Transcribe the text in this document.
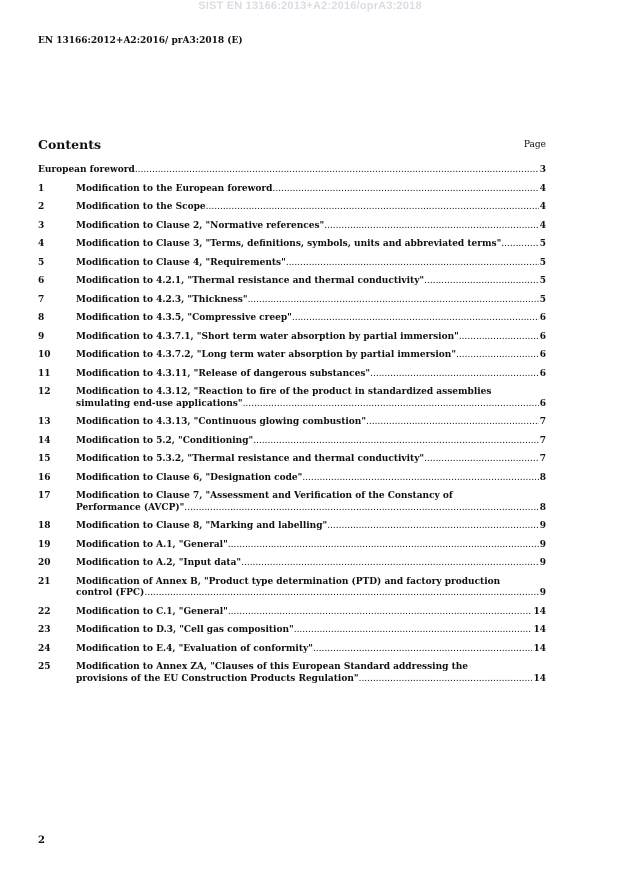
SIST EN 13166:2013+A2:2016/oprA3:2018
EN 13166:2012+A2:2016/ prA3:2018 (E)
Contents	Page
European foreword .....	3
1	Modification to the European foreword .....	4
2	Modification to the Scope .....	4
3	Modification to Clause 2, "Normative references" .....	4
4	Modification to Clause 3, "Terms, definitions, symbols, units and abbreviated terms" .....	5
5	Modification to Clause 4, "Requirements" .....	5
6	Modification to 4.2.1, "Thermal resistance and thermal conductivity" .....	5
7	Modification to 4.2.3, "Thickness" .....	5
8	Modification to 4.3.5, "Compressive creep" .....	6
9	Modification to 4.3.7.1, "Short term water absorption by partial immersion" .....	6
10	Modification to 4.3.7.2, "Long term water absorption by partial immersion" .....	6
11	Modification to 4.3.11, "Release of dangerous substances" .....	6
12	Modification to 4.3.12, "Reaction to fire of the product in standardized assemblies
simulating end-use applications" .....	6
13	Modification to 4.3.13, "Continuous glowing combustion" .....	7
14	Modification to 5.2, "Conditioning" .....	7
15	Modification to 5.3.2, "Thermal resistance and thermal conductivity" .....	7
16	Modification to Clause 6, "Designation code" .....	8
17	Modification to Clause 7, "Assessment and Verification of the Constancy of
Performance (AVCP)" .....	8
18	Modification to Clause 8, "Marking and labelling" .....	9
19	Modification to A.1, "General" .....	9
20	Modification to A.2, "Input data" .....	9
21	Modification of Annex B, "Product type determination (PTD) and factory production
control (FPC) .....	9
22	Modification to C.1, "General" .....	14
23	Modification to D.3, "Cell gas composition" .....	14
24	Modification to E.4, "Evaluation of conformity" .....	14
25	Modification to Annex ZA, "Clauses of this European Standard addressing the
provisions of the EU Construction Products Regulation" .....	14
2
